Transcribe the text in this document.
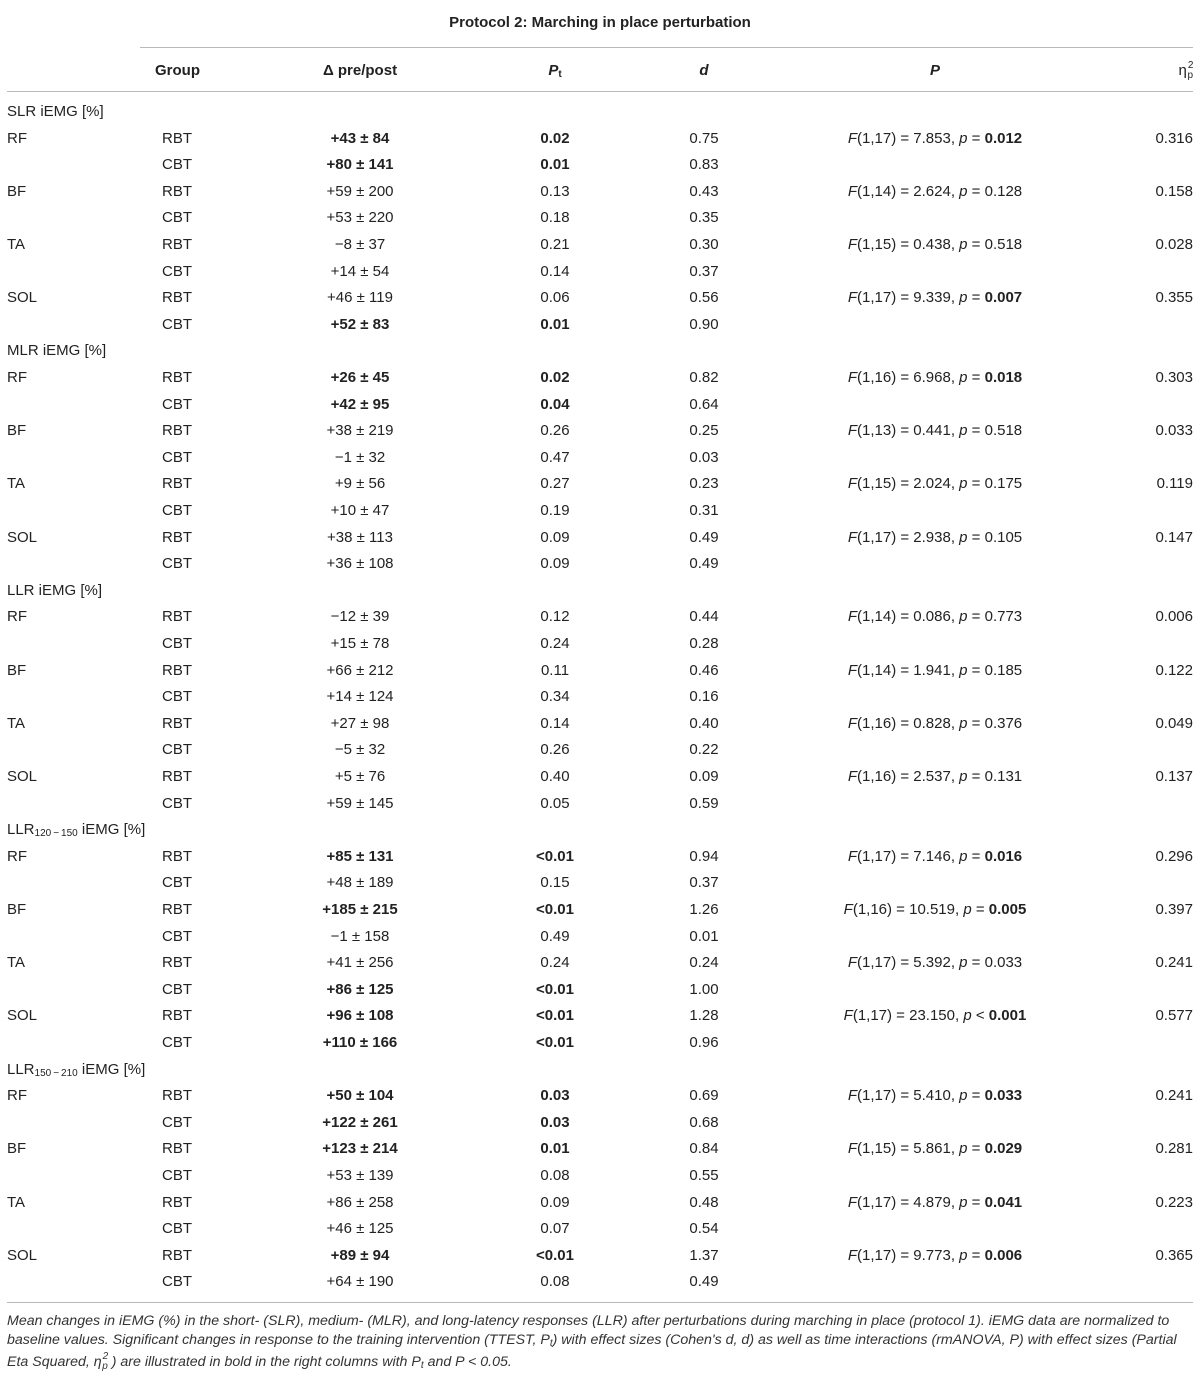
Protocol 2: Marching in place perturbation
Group	Δ pre/post	$P_t$	d	P	$\eta^2_p$
SLR iEMG [%]
RF	RBT	+43 ± 84	0.02	0.75	F(1,17) = 7.853, p = 0.012	0.316
CBT	+80 ± 141	0.01	0.83
BF	RBT	+59 ± 200	0.13	0.43	F(1,14) = 2.624, p = 0.128	0.158
CBT	+53 ± 220	0.18	0.35
TA	RBT	−8 ± 37	0.21	0.30	F(1,15) = 0.438, p = 0.518	0.028
CBT	+14 ± 54	0.14	0.37
SOL	RBT	+46 ± 119	0.06	0.56	F(1,17) = 9.339, p = 0.007	0.355
CBT	+52 ± 83	0.01	0.90
MLR iEMG [%]
RF	RBT	+26 ± 45	0.02	0.82	F(1,16) = 6.968, p = 0.018	0.303
CBT	+42 ± 95	0.04	0.64
BF	RBT	+38 ± 219	0.26	0.25	F(1,13) = 0.441, p = 0.518	0.033
CBT	−1 ± 32	0.47	0.03
TA	RBT	+9 ± 56	0.27	0.23	F(1,15) = 2.024, p = 0.175	0.119
CBT	+10 ± 47	0.19	0.31
SOL	RBT	+38 ± 113	0.09	0.49	F(1,17) = 2.938, p = 0.105	0.147
CBT	+36 ± 108	0.09	0.49
LLR iEMG [%]
RF	RBT	−12 ± 39	0.12	0.44	F(1,14) = 0.086, p = 0.773	0.006
CBT	+15 ± 78	0.24	0.28
BF	RBT	+66 ± 212	0.11	0.46	F(1,14) = 1.941, p = 0.185	0.122
CBT	+14 ± 124	0.34	0.16
TA	RBT	+27 ± 98	0.14	0.40	F(1,16) = 0.828, p = 0.376	0.049
CBT	−5 ± 32	0.26	0.22
SOL	RBT	+5 ± 76	0.40	0.09	F(1,16) = 2.537, p = 0.131	0.137
CBT	+59 ± 145	0.05	0.59
$LLR_{120 - 150}$ iEMG [%]
RF	RBT	+85 ± 131	<0.01	0.94	F(1,17) = 7.146, p = 0.016	0.296
CBT	+48 ± 189	0.15	0.37
BF	RBT	+185 ± 215	<0.01	1.26	F(1,16) = 10.519, p = 0.005	0.397
CBT	−1 ± 158	0.49	0.01
TA	RBT	+41 ± 256	0.24	0.24	F(1,17) = 5.392, p = 0.033	0.241
CBT	+86 ± 125	<0.01	1.00
SOL	RBT	+96 ± 108	<0.01	1.28	F(1,17) = 23.150, p < 0.001	0.577
CBT	+110 ± 166	<0.01	0.96
$LLR_{150 - 210}$ iEMG [%]
RF	RBT	+50 ± 104	0.03	0.69	F(1,17) = 5.410, p = 0.033	0.241
CBT	+122 ± 261	0.03	0.68
BF	RBT	+123 ± 214	0.01	0.84	F(1,15) = 5.861, p = 0.029	0.281
CBT	+53 ± 139	0.08	0.55
TA	RBT	+86 ± 258	0.09	0.48	F(1,17) = 4.879, p = 0.041	0.223
CBT	+46 ± 125	0.07	0.54
SOL	RBT	+89 ± 94	<0.01	1.37	F(1,17) = 9.773, p = 0.006	0.365
CBT	+64 ± 190	0.08	0.49
Mean changes in iEMG (%) in the short- (SLR), medium- (MLR), and long-latency responses (LLR) after perturbations during marching in place (protocol 1). iEMG data are normalized to baseline values. Significant changes in response to the training intervention (TTEST, $P_t$) with effect sizes (Cohen's d, d) as well as time interactions (rmANOVA, P) with effect sizes (Partial Eta Squared, $\eta^2_p$ ) are illustrated in bold in the right columns with $P_t$ and P < 0.05.
